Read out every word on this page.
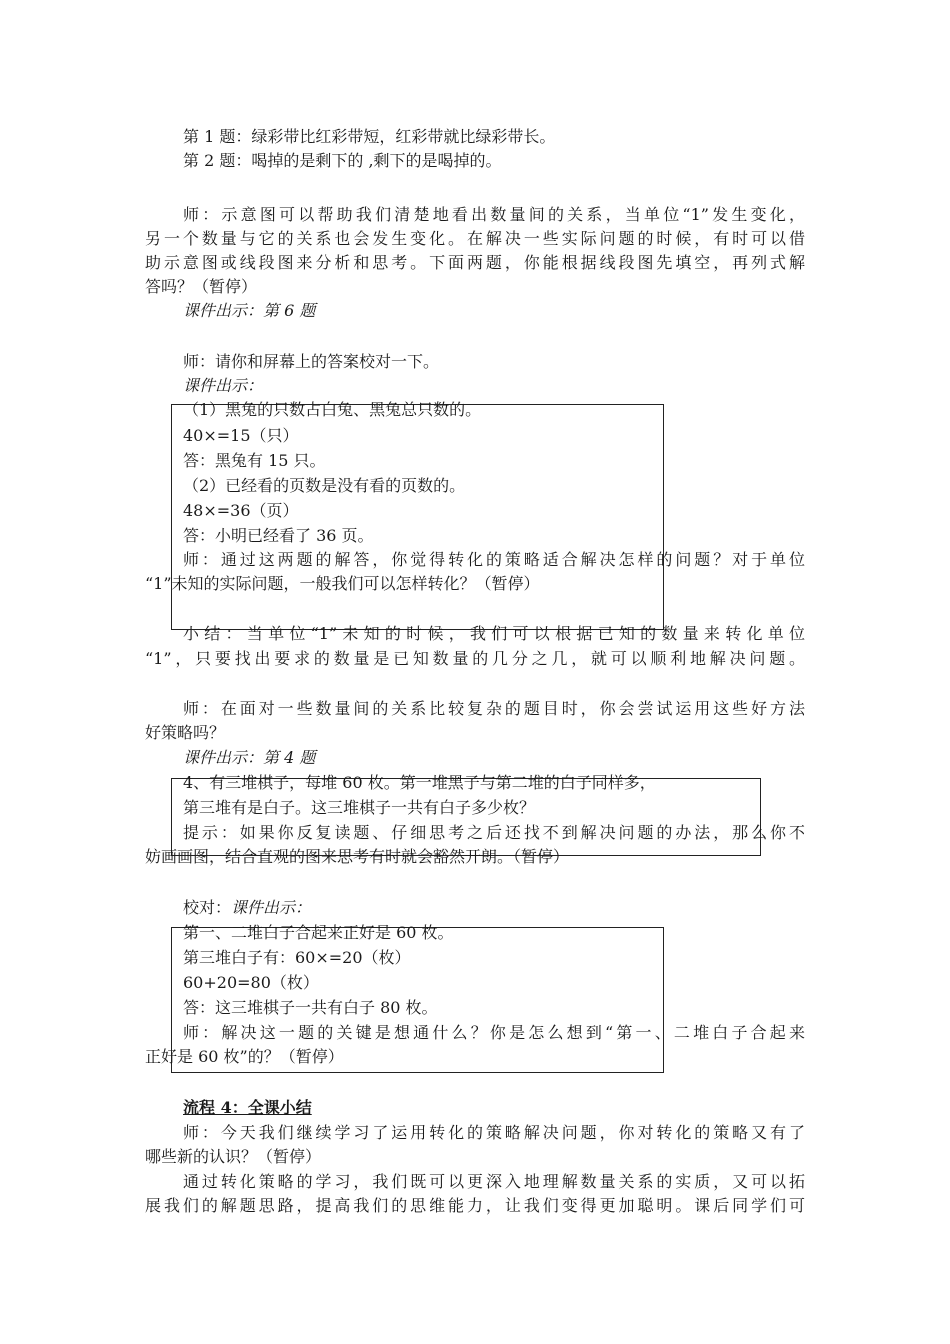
第 1 题：绿彩带比红彩带短，红彩带就比绿彩带长。
第 2 题：喝掉的是剩下的 ,剩下的是喝掉的。
师：示意图可以帮助我们清楚地看出数量间的关系，当单位“1”发生变化，
另一个数量与它的关系也会发生变化。在解决一些实际问题的时候，有时可以借
助示意图或线段图来分析和思考。下面两题，你能根据线段图先填空，再列式解
答吗？（暂停）
课件出示：第 6 题
师：请你和屏幕上的答案校对一下。
课件出示：
（1）黑兔的只数占白兔、黑兔总只数的。
40×=15（只）
答：黑兔有 15 只。
（2）已经看的页数是没有看的页数的。
48×=36（页）
答：小明已经看了 36 页。
师：通过这两题的解答，你觉得转化的策略适合解决怎样的问题？对于单位
“1”未知的实际问题，一般我们可以怎样转化？（暂停）
小结：当单位“1”未知的时候，我们可以根据已知的数量来转化单位
“1”，只要找出要求的数量是已知数量的几分之几，就可以顺利地解决问题。
师：在面对一些数量间的关系比较复杂的题目时，你会尝试运用这些好方法
好策略吗？
课件出示：第 4 题
4、有三堆棋子，每堆 60 枚。第一堆黑子与第二堆的白子同样多，
第三堆有是白子。这三堆棋子一共有白子多少枚？
提示：如果你反复读题、仔细思考之后还找不到解决问题的办法，那么你不
妨画画图，结合直观的图来思考有时就会豁然开朗。（暂停）
校对：课件出示：
第一、二堆白子合起来正好是 60 枚。
第三堆白子有：60×=20（枚）
60+20=80（枚）
答：这三堆棋子一共有白子 80 枚。
师：解决这一题的关键是想通什么？你是怎么想到“第一、二堆白子合起来
正好是 60 枚”的？（暂停）
流程 4：全课小结
师：今天我们继续学习了运用转化的策略解决问题，你对转化的策略又有了
哪些新的认识？（暂停）
通过转化策略的学习，我们既可以更深入地理解数量关系的实质，又可以拓
展我们的解题思路，提高我们的思维能力，让我们变得更加聪明。课后同学们可
